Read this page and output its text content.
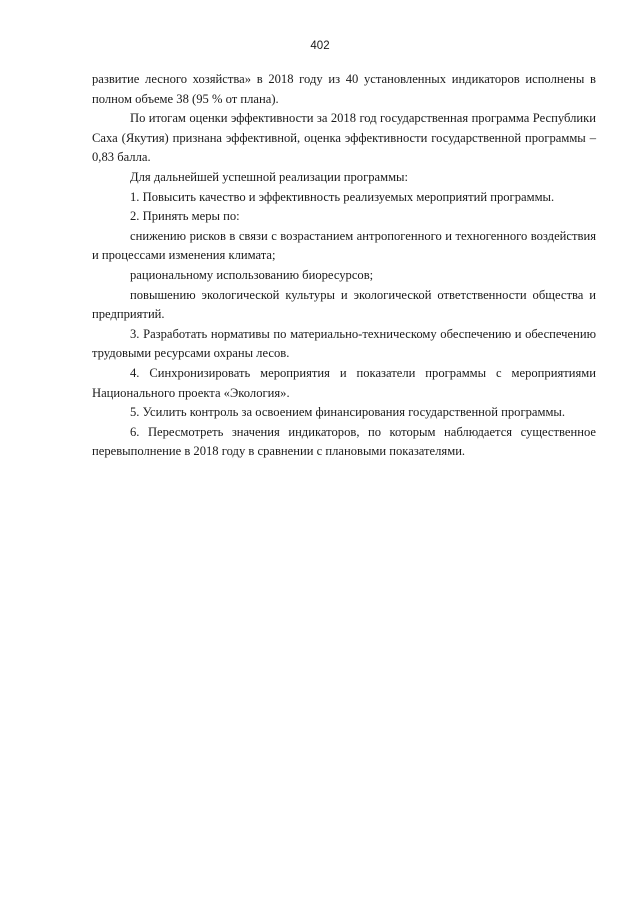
402

развитие лесного хозяйства» в 2018 году из 40 установленных индикаторов исполнены в полном объеме 38 (95 % от плана).

По итогам оценки эффективности за 2018 год государственная программа Республики Саха (Якутия) признана эффективной, оценка эффективности государственной программы – 0,83 балла.

Для дальнейшей успешной реализации программы:

1. Повысить качество и эффективность реализуемых мероприятий программы.

2. Принять меры по:

снижению рисков в связи с возрастанием антропогенного и техногенного воздействия и процессами изменения климата;

рациональному использованию биоресурсов;

повышению экологической культуры и экологической ответственности общества и предприятий.

3. Разработать нормативы по материально-техническому обеспечению и обеспечению трудовыми ресурсами охраны лесов.

4. Синхронизировать мероприятия и показатели программы с мероприятиями Национального проекта «Экология».

5. Усилить контроль за освоением финансирования государственной программы.

6. Пересмотреть значения индикаторов, по которым наблюдается существенное перевыполнение в 2018 году в сравнении с плановыми показателями.
